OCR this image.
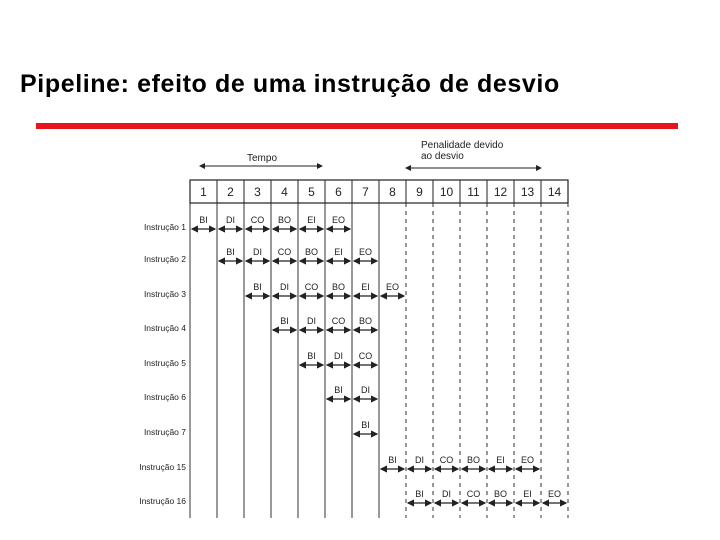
Pipeline: efeito de uma instrução de desvio
1 2 3 4 5 6 7 8 9 10 11 12 13 14
Tempo
Penalidade devido
ao desvio
Instrução 1
BI DI CO BO EI EO
Instrução 2
BI DI CO BO EI EO
Instrução 3
BI DI CO BO EI EO
Instrução 4
BI DI CO BO
Instrução 5
BI DI CO
Instrução 6
BI DI
Instrução 7
BI
Instrução 15
BI DI CO BO EI EO
Instrução 16
BI DI CO BO EI EO
